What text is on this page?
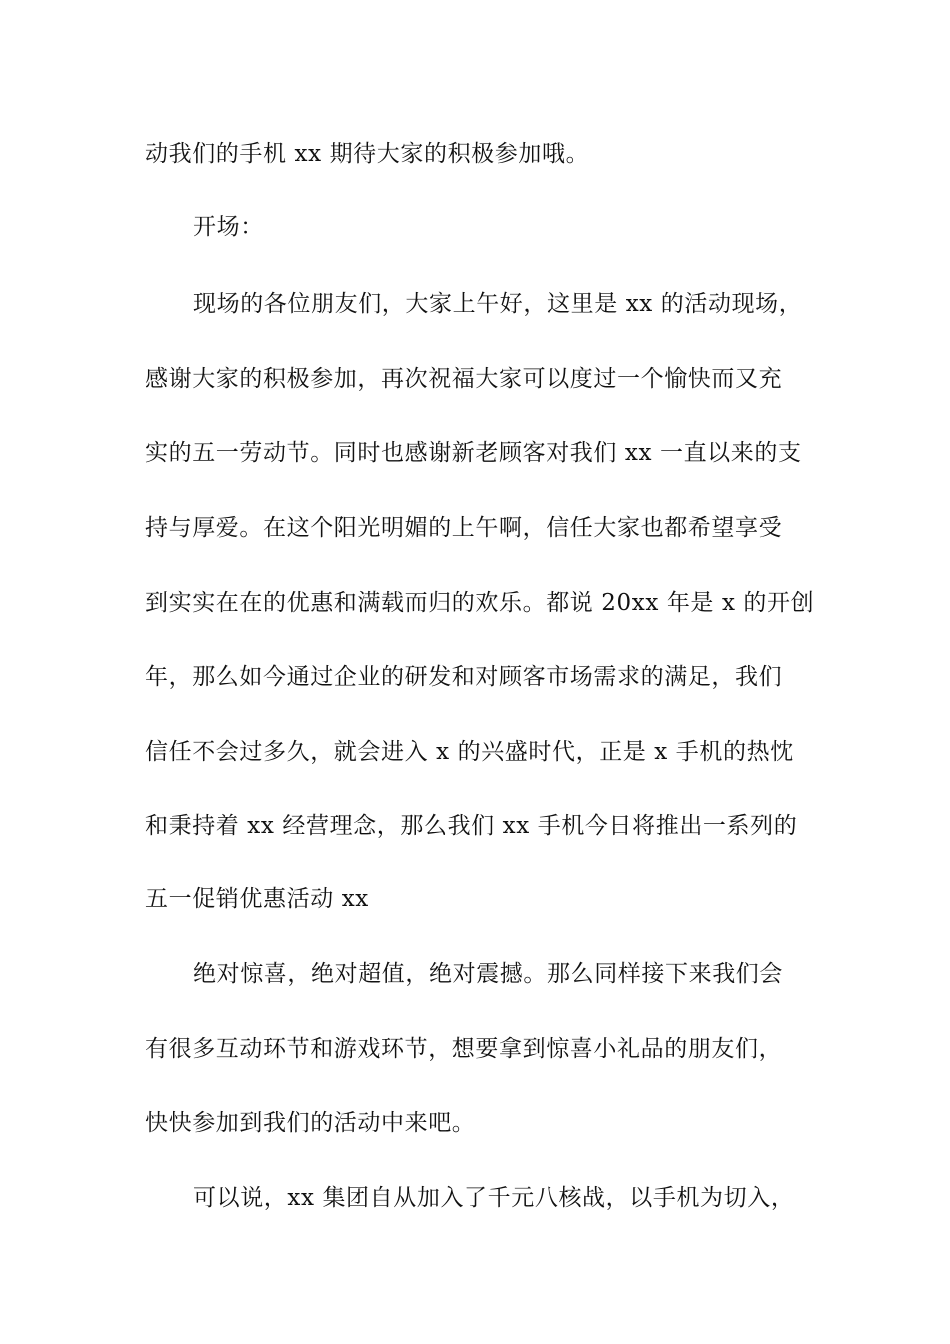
动我们的手机 xx 期待大家的积极参加哦。
开场：
现场的各位朋友们，大家上午好，这里是 xx 的活动现场，
感谢大家的积极参加，再次祝福大家可以度过一个愉快而又充
实的五一劳动节。同时也感谢新老顾客对我们 xx 一直以来的支
持与厚爱。在这个阳光明媚的上午啊，信任大家也都希望享受
到实实在在的优惠和满载而归的欢乐。都说 20xx 年是 x 的开创
年，那么如今通过企业的研发和对顾客市场需求的满足，我们
信任不会过多久，就会进入 x 的兴盛时代，正是 x 手机的热忱
和秉持着 xx 经营理念，那么我们 xx 手机今日将推出一系列的
五一促销优惠活动 xx
绝对惊喜，绝对超值，绝对震撼。那么同样接下来我们会
有很多互动环节和游戏环节，想要拿到惊喜小礼品的朋友们，
快快参加到我们的活动中来吧。
可以说，xx 集团自从加入了千元八核战，以手机为切入，
